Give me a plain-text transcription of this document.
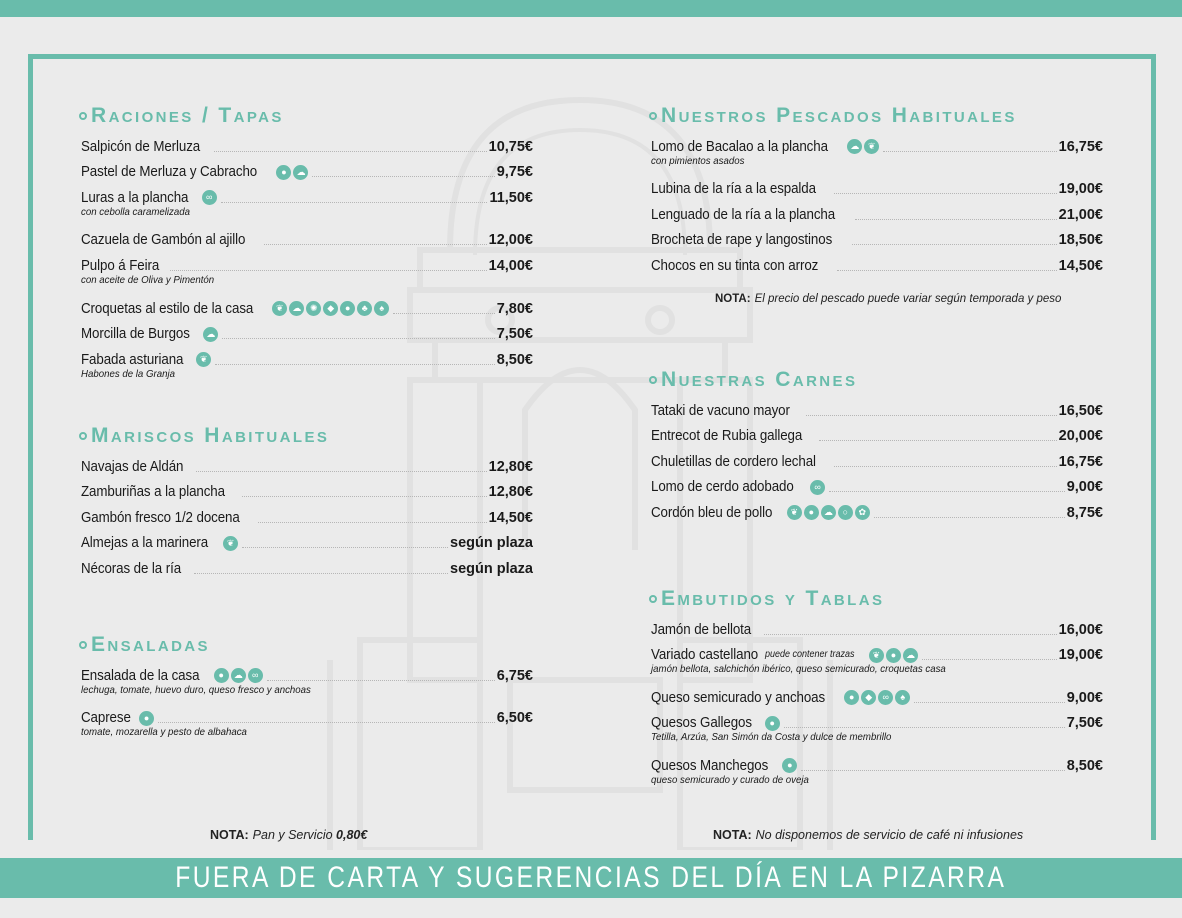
Raciones / Tapas
Salpicón de Merluza	10,75€
Pastel de Merluza y Cabracho	●	☁	9,75€
Luras a la plancha	∞	11,50€
con cebolla caramelizada
Cazuela de Gambón al ajillo	12,00€
Pulpo á Feira	14,00€
con aceite de Oliva y Pimentón
Croquetas al estilo de la casa	❦ ☁ ✺	◆	●	♣	♠	7,80€
Morcilla de Burgos	☁	7,50€
Fabada asturiana	❦	8,50€
Habones de la Granja
Mariscos Habituales
Navajas de Aldán	12,80€
Zamburiñas a la plancha	12,80€
Gambón fresco 1/2 docena	14,50€
Almejas a la marinera	❦	según plaza
Nécoras de la ría	según plaza
Ensaladas
Ensalada de la casa	●	☁	∞	6,75€
lechuga, tomate, huevo duro, queso fresco y anchoas
Caprese	●	6,50€
tomate, mozarella y pesto de albahaca
Nuestros Pescados Habituales
Lomo de Bacalao a la plancha	☁ ❦	16,75€
con pimientos asados
Lubina de la ría a la espalda	19,00€
Lenguado de la ría a la plancha	21,00€
Brocheta de rape y langostinos	18,50€
Chocos en su tinta con arroz	14,50€
Nuestras Carnes
Tataki de vacuno mayor	16,50€
Entrecot de Rubia gallega	20,00€
Chuletillas de cordero lechal	16,75€
Lomo de cerdo adobado	∞	9,00€
Cordón bleu de pollo	❦	●	☁	○	✿	8,75€
Embutidos y Tablas
Jamón de bellota	16,00€
Variado castellano puede contener trazas	❦	●	☁	19,00€
jamón bellota, salchichón ibérico, queso semicurado, croquetas casa
Queso semicurado y anchoas	●	◆	∞	♠	9,00€
Quesos Gallegos	●	7,50€
Tetilla, Arzúa, San Simón da Costa y dulce de membrillo
Quesos Manchegos	●	8,50€
queso semicurado y curado de oveja
NOTA: El precio del pescado puede variar según temporada y peso
NOTA: Pan y Servicio 0,80€	NOTA: No disponemos de servicio de café ni infusiones
FUERA DE CARTA Y SUGERENCIAS DEL DÍA EN LA PIZARRA
